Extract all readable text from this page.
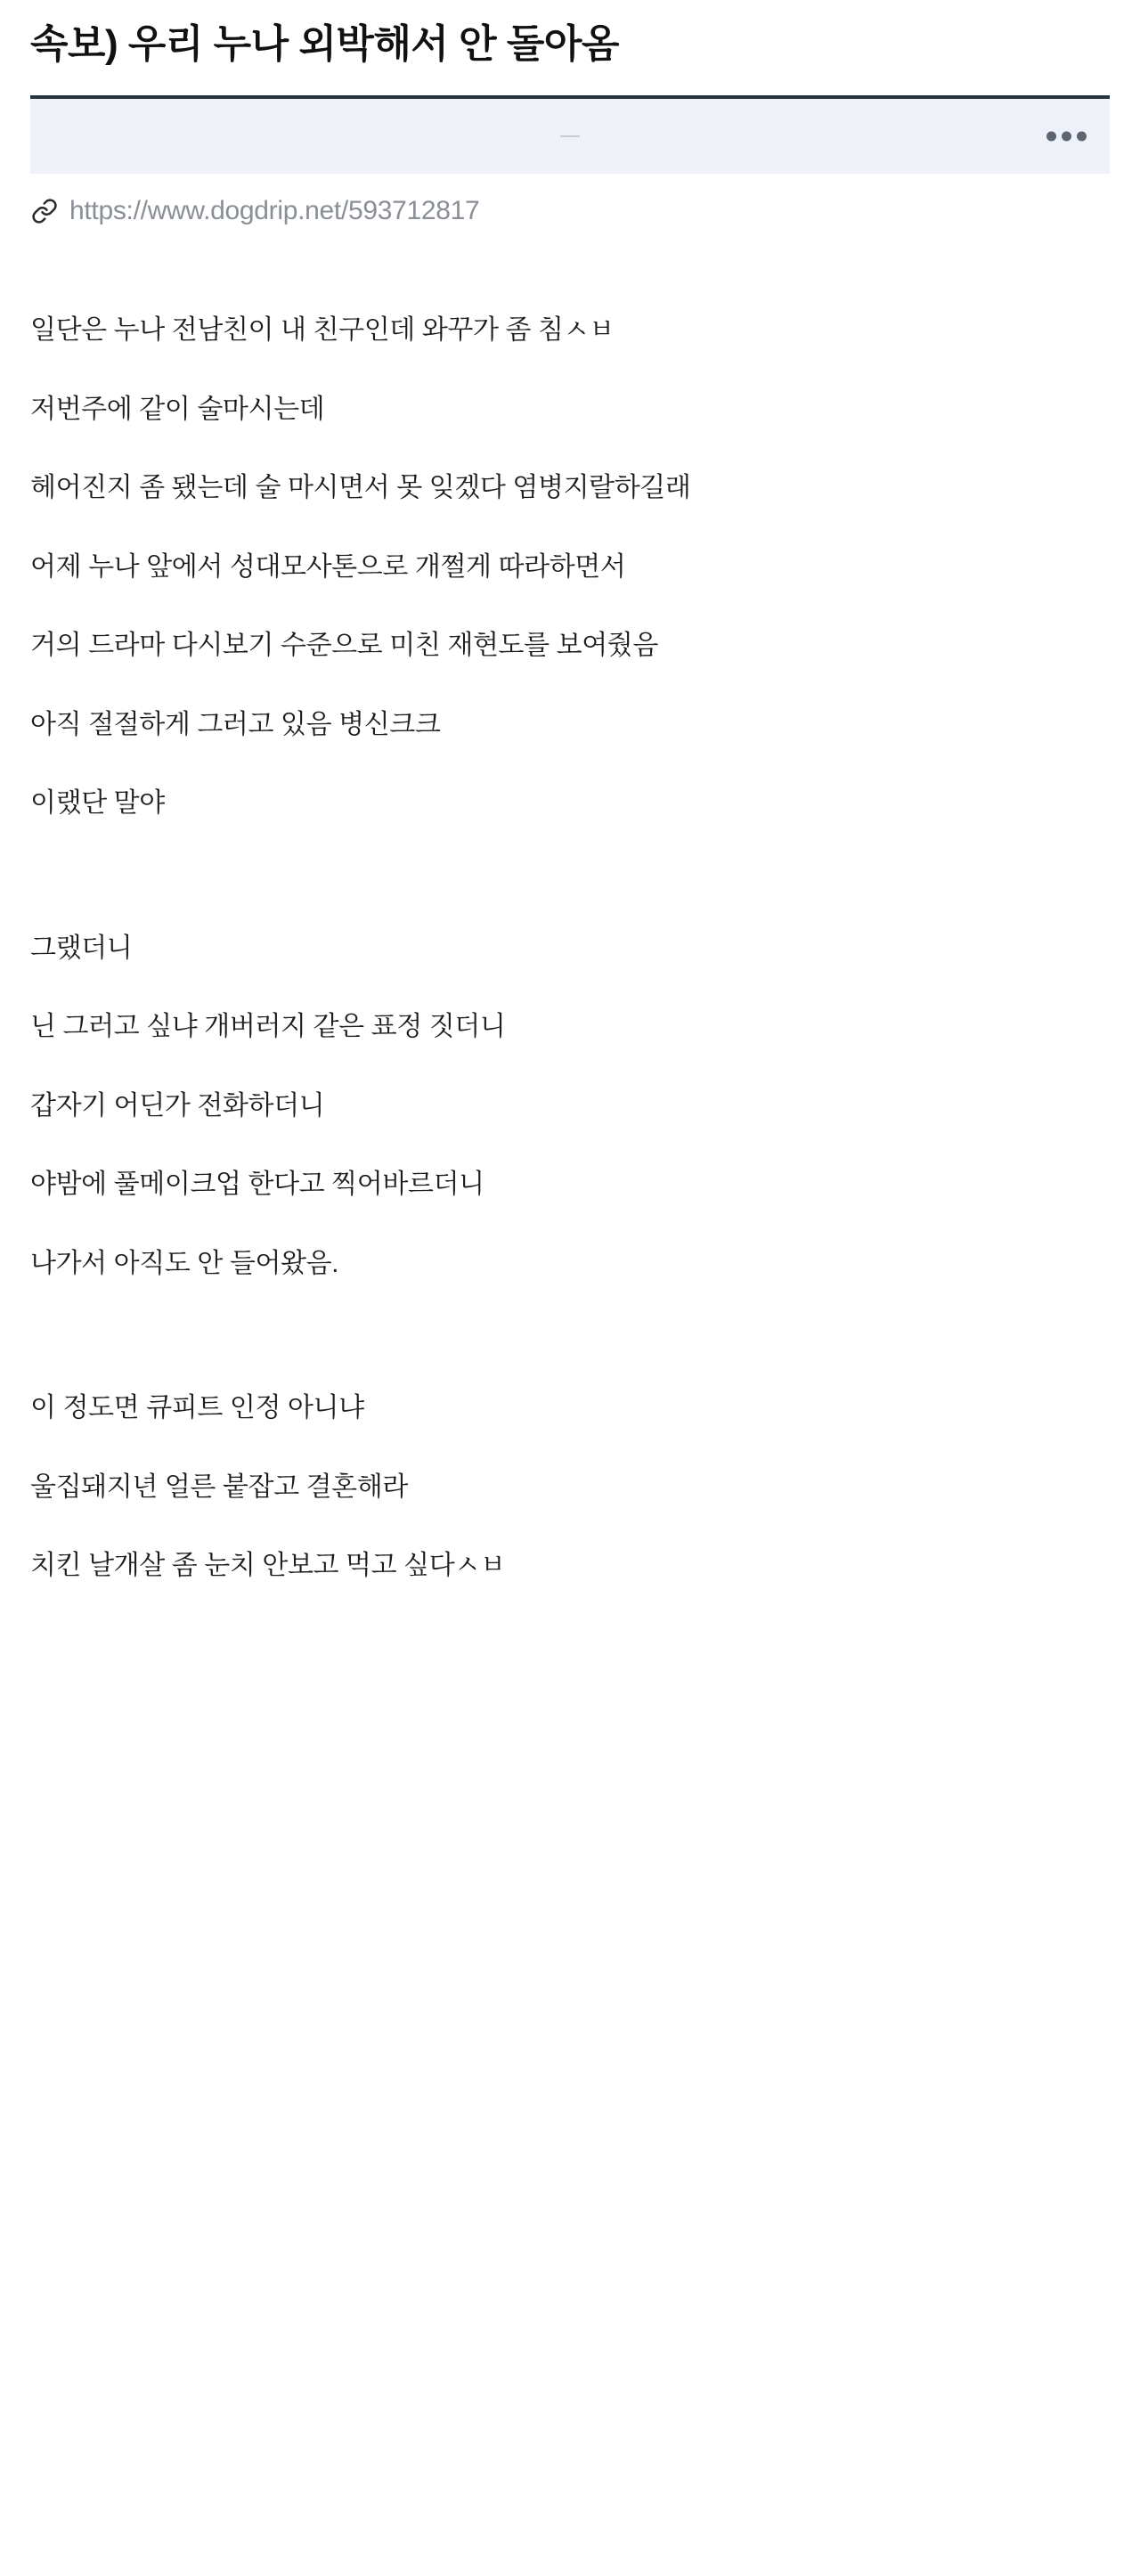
속보) 우리 누나 외박해서 안 돌아옴
https://www.dogdrip.net/593712817

일단은 누나 전남친이 내 친구인데 와꾸가 좀 침ㅅㅂ

저번주에 같이 술마시는데

헤어진지 좀 됐는데 술 마시면서 못 잊겠다 염병지랄하길래

어제 누나 앞에서 성대모사톤으로 개쩔게 따라하면서

거의 드라마 다시보기 수준으로 미친 재현도를 보여줬음

아직 절절하게 그러고 있음 병신크크

이랬단 말야

그랬더니

닌 그러고 싶냐 개버러지 같은 표정 짓더니

갑자기 어딘가 전화하더니

야밤에 풀메이크업 한다고 찍어바르더니

나가서 아직도 안 들어왔음.

이 정도면 큐피트 인정 아니냐

울집돼지년 얼른 붙잡고 결혼해라

치킨 날개살 좀 눈치 안보고 먹고 싶다ㅅㅂ
